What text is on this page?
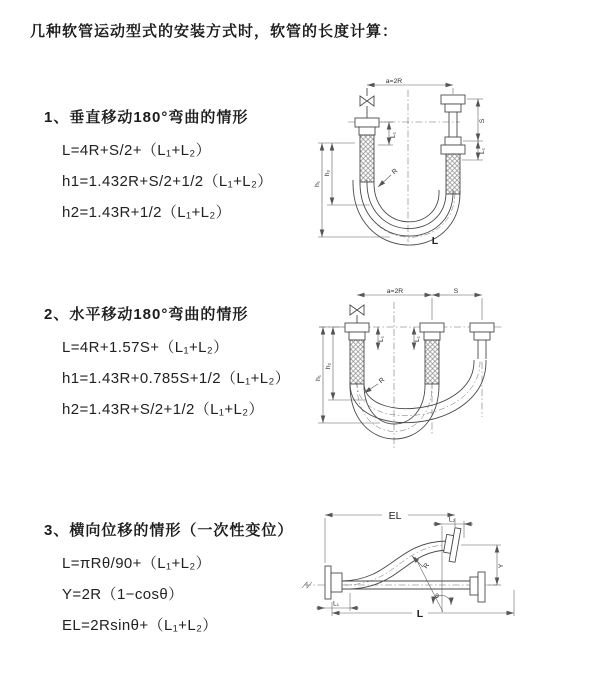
几种软管运动型式的安装方式时，软管的长度计算：
1、垂直移动180°弯曲的情形
L=4R+S/2+（L₁+L₂）
h1=1.432R+S/2+1/2（L₁+L₂）
h2=1.43R+1/2（L₁+L₂）
2、水平移动180°弯曲的情形
L=4R+1.57S+（L₁+L₂）
h1=1.43R+0.785S+1/2（L₁+L₂）
h2=1.43R+S/2+1/2（L₁+L₂）
3、横向位移的情形（一次性变位）
L=πRθ/90+（L₁+L₂）
Y=2R（1−cosθ）
EL=2Rsinθ+（L₁+L₂）
a=2R
L₁
S
L₁
h₁
h₂	R
L
a=2R	S
L₁	L₁
h₁
h₂
R
EL	L₂
Y
R
θ
L₁
L
